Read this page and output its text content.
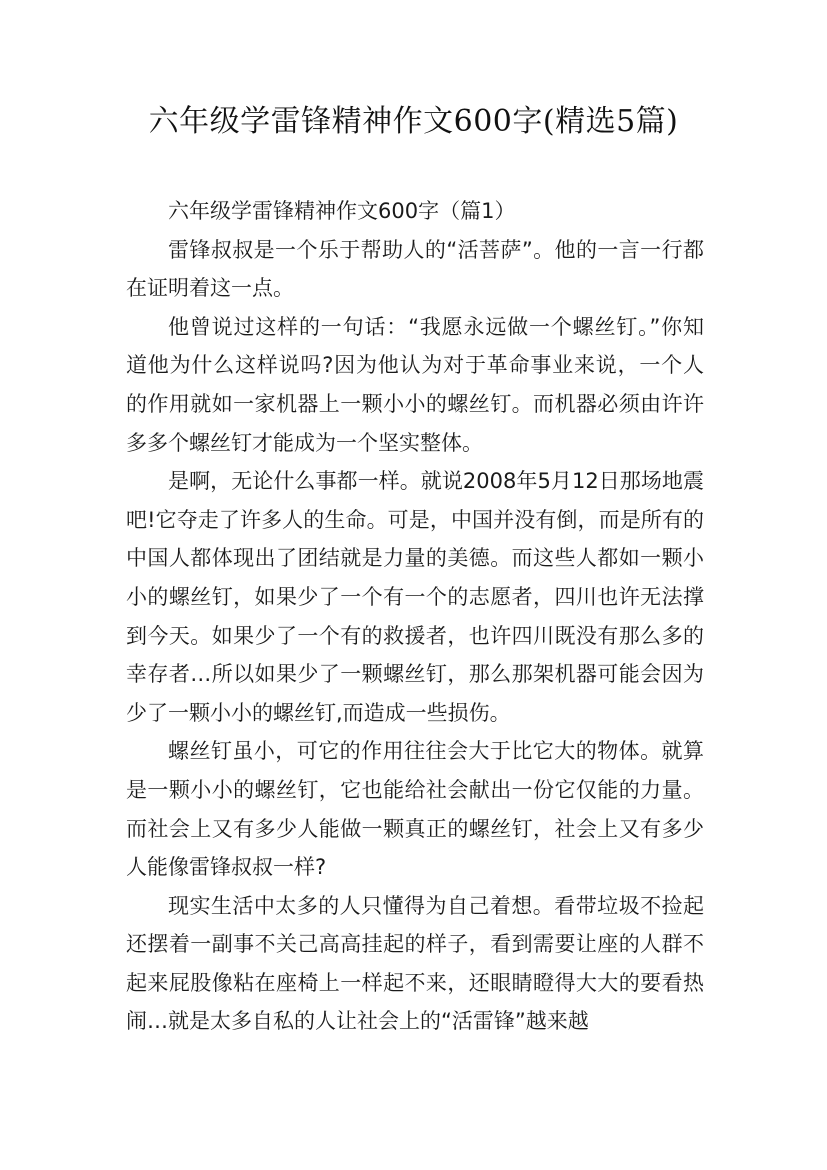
六年级学雷锋精神作文600字(精选5篇)

六年级学雷锋精神作文600字（篇1）

雷锋叔叔是一个乐于帮助人的“活菩萨”。他的一言一行都在证明着这一点。

他曾说过这样的一句话：“我愿永远做一个螺丝钉。”你知道他为什么这样说吗?因为他认为对于革命事业来说，一个人的作用就如一家机器上一颗小小的螺丝钉。而机器必须由许许多多个螺丝钉才能成为一个坚实整体。

是啊，无论什么事都一样。就说2008年5月12日那场地震吧!它夺走了许多人的生命。可是，中国并没有倒，而是所有的中国人都体现出了团结就是力量的美德。而这些人都如一颗小小的螺丝钉，如果少了一个有一个的志愿者，四川也许无法撑到今天。如果少了一个有的救援者，也许四川既没有那么多的幸存者…所以如果少了一颗螺丝钉，那么那架机器可能会因为少了一颗小小的螺丝钉,而造成一些损伤。

螺丝钉虽小，可它的作用往往会大于比它大的物体。就算是一颗小小的螺丝钉，它也能给社会献出一份它仅能的力量。而社会上又有多少人能做一颗真正的螺丝钉，社会上又有多少人能像雷锋叔叔一样?

现实生活中太多的人只懂得为自己着想。看带垃圾不捡起还摆着一副事不关己高高挂起的样子，看到需要让座的人群不起来屁股像粘在座椅上一样起不来，还眼睛瞪得大大的要看热闹…就是太多自私的人让社会上的“活雷锋”越来越
